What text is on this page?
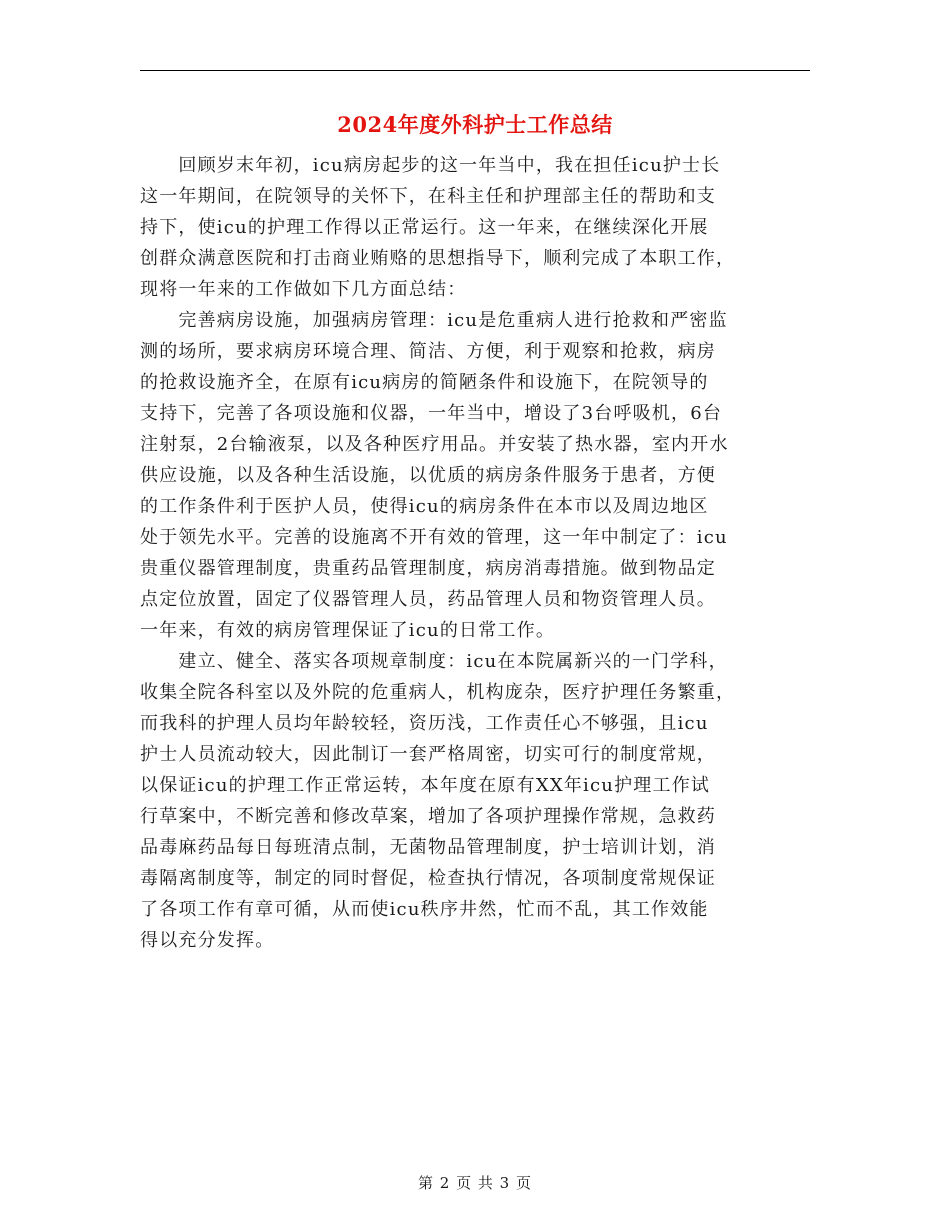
2024年度外科护士工作总结
　　回顾岁末年初，icu病房起步的这一年当中，我在担任icu护士长
这一年期间，在院领导的关怀下，在科主任和护理部主任的帮助和支
持下，使icu的护理工作得以正常运行。这一年来，在继续深化开展
创群众满意医院和打击商业贿赂的思想指导下，顺利完成了本职工作，
现将一年来的工作做如下几方面总结：
　　完善病房设施，加强病房管理：icu是危重病人进行抢救和严密监
测的场所，要求病房环境合理、简洁、方便，利于观察和抢救，病房
的抢救设施齐全，在原有icu病房的简陋条件和设施下，在院领导的
支持下，完善了各项设施和仪器，一年当中，增设了3台呼吸机，6台
注射泵，2台输液泵，以及各种医疗用品。并安装了热水器，室内开水
供应设施，以及各种生活设施，以优质的病房条件服务于患者，方便
的工作条件利于医护人员，使得icu的病房条件在本市以及周边地区
处于领先水平。完善的设施离不开有效的管理，这一年中制定了：icu
贵重仪器管理制度，贵重药品管理制度，病房消毒措施。做到物品定
点定位放置，固定了仪器管理人员，药品管理人员和物资管理人员。
一年来，有效的病房管理保证了icu的日常工作。
　　建立、健全、落实各项规章制度：icu在本院属新兴的一门学科，
收集全院各科室以及外院的危重病人，机构庞杂，医疗护理任务繁重，
而我科的护理人员均年龄较轻，资历浅，工作责任心不够强，且icu
护士人员流动较大，因此制订一套严格周密，切实可行的制度常规，
以保证icu的护理工作正常运转，本年度在原有XX年icu护理工作试
行草案中，不断完善和修改草案，增加了各项护理操作常规，急救药
品毒麻药品每日每班清点制，无菌物品管理制度，护士培训计划，消
毒隔离制度等，制定的同时督促，检查执行情况，各项制度常规保证
了各项工作有章可循，从而使icu秩序井然，忙而不乱，其工作效能
得以充分发挥。
第 2 页 共 3 页
